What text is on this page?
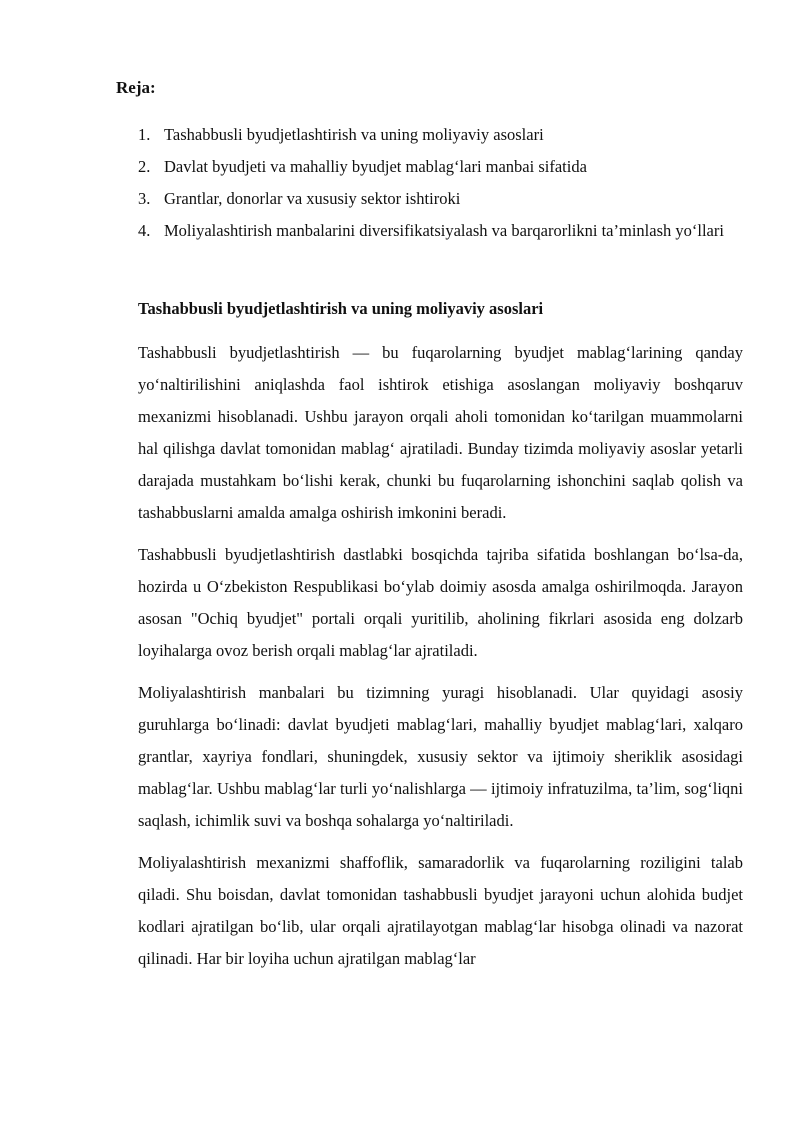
Reja:

1. Tashabbusli byudjetlashtirish va uning moliyaviy asoslari
2. Davlat byudjeti va mahalliy byudjet mablag‘lari manbai sifatida
3. Grantlar, donorlar va xususiy sektor ishtiroki
4. Moliyalashtirish manbalarini diversifikatsiyalash va barqarorlikni ta’minlash yo‘llari
Tashabbusli byudjetlashtirish va uning moliyaviy asoslari

Tashabbusli byudjetlashtirish — bu fuqarolarning byudjet mablag‘larining qanday yo‘naltirilishini aniqlashda faol ishtirok etishiga asoslangan moliyaviy boshqaruv mexanizmi hisoblanadi. Ushbu jarayon orqali aholi tomonidan ko‘tarilgan muammolarni hal qilishga davlat tomonidan mablag‘ ajratiladi. Bunday tizimda moliyaviy asoslar yetarli darajada mustahkam bo‘lishi kerak, chunki bu fuqarolarning ishonchini saqlab qolish va tashabbuslarni amalda amalga oshirish imkonini beradi.

Tashabbusli byudjetlashtirish dastlabki bosqichda tajriba sifatida boshlangan bo‘lsa-da, hozirda u O‘zbekiston Respublikasi bo‘ylab doimiy asosda amalga oshirilmoqda. Jarayon asosan "Ochiq byudjet" portali orqali yuritilib, aholining fikrlari asosida eng dolzarb loyihalarga ovoz berish orqali mablag‘lar ajratiladi.

Moliyalashtirish manbalari bu tizimning yuragi hisoblanadi. Ular quyidagi asosiy guruhlarga bo‘linadi: davlat byudjeti mablag‘lari, mahalliy byudjet mablag‘lari, xalqaro grantlar, xayriya fondlari, shuningdek, xususiy sektor va ijtimoiy sheriklik asosidagi mablag‘lar. Ushbu mablag‘lar turli yo‘nalishlarga — ijtimoiy infratuzilma, ta’lim, sog‘liqni saqlash, ichimlik suvi va boshqa sohalarga yo‘naltiriladi.

Moliyalashtirish mexanizmi shaffoflik, samaradorlik va fuqarolarning roziligini talab qiladi. Shu boisdan, davlat tomonidan tashabbusli byudjet jarayoni uchun alohida budjet kodlari ajratilgan bo‘lib, ular orqali ajratilayotgan mablag‘lar hisobga olinadi va nazorat qilinadi. Har bir loyiha uchun ajratilgan mablag‘lar
